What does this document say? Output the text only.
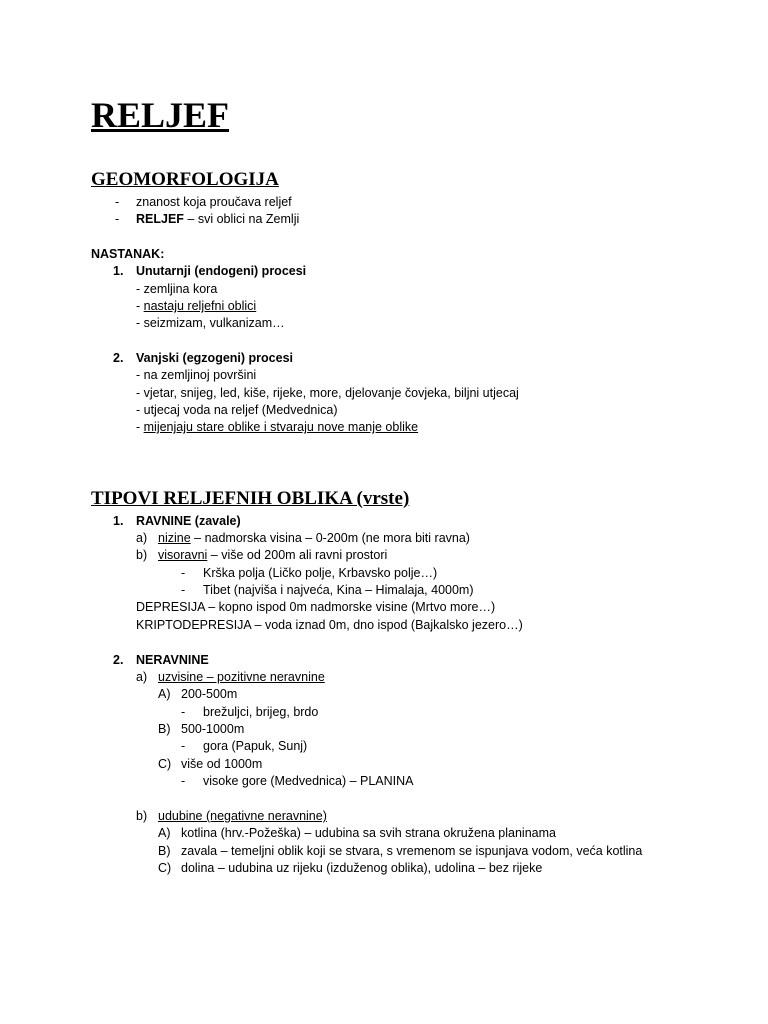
RELJEF
GEOMORFOLOGIJA
- znanost koja proučava reljef
- RELJEF – svi oblici na Zemlji
NASTANAK:
1. Unutarnji (endogeni) procesi
- zemljina kora
- nastaju reljefni oblici
- seizmizam, vulkanizam…
2. Vanjski (egzogeni) procesi
- na zemljinoj površini
- vjetar, snijeg, led, kiše, rijeke, more, djelovanje čovjeka, biljni utjecaj
- utjecaj voda na reljef (Medvednica)
- mijenjaju stare oblike i stvaraju nove manje oblike
TIPOVI RELJEFNIH OBLIKA (vrste)
1. RAVNINE (zavale)
a) nizine – nadmorska visina – 0-200m (ne mora biti ravna)
b) visoravni – više od 200m ali ravni prostori
- Krška polja (Ličko polje, Krbavsko polje…)
- Tibet (najviša i najveća, Kina – Himalaja, 4000m)
DEPRESIJA – kopno ispod 0m nadmorske visine (Mrtvo more…)
KRIPTODEPRESIJA – voda iznad 0m, dno ispod (Bajkalsko jezero…)
2. NERAVNINE
a) uzvisine – pozitivne neravnine
A) 200-500m
- brežuljci, brijeg, brdo
B) 500-1000m
- gora (Papuk, Sunj)
C) više od 1000m
- visoke gore (Medvednica) – PLANINA
b) udubine (negativne neravnine)
A) kotlina (hrv.-Požeška) – udubina sa svih strana okružena planinama
B) zavala – temeljni oblik koji se stvara, s vremenom se ispunjava vodom, veća kotlina
C) dolina – udubina uz rijeku (izduženog oblika), udolina – bez rijeke
